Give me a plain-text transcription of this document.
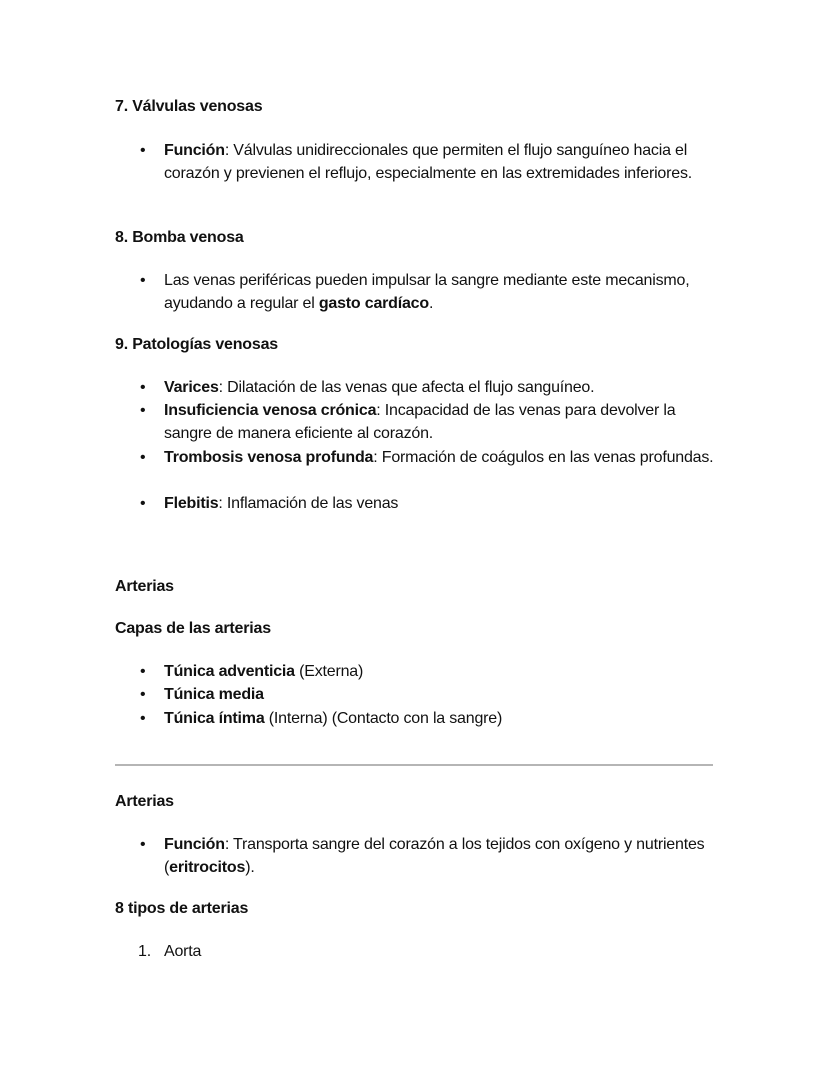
7. Válvulas venosas
• Función: Válvulas unidireccionales que permiten el flujo sanguíneo hacia el corazón y previenen el reflujo, especialmente en las extremidades inferiores.
8. Bomba venosa
• Las venas periféricas pueden impulsar la sangre mediante este mecanismo, ayudando a regular el gasto cardíaco.
9. Patologías venosas
• Varices: Dilatación de las venas que afecta el flujo sanguíneo.
• Insuficiencia venosa crónica: Incapacidad de las venas para devolver la sangre de manera eficiente al corazón.
• Trombosis venosa profunda: Formación de coágulos en las venas profundas.
• Flebitis: Inflamación de las venas
Arterias
Capas de las arterias
• Túnica adventicia (Externa)
• Túnica media
• Túnica íntima (Interna) (Contacto con la sangre)
Arterias
• Función: Transporta sangre del corazón a los tejidos con oxígeno y nutrientes (eritrocitos).
8 tipos de arterias
1. Aorta
